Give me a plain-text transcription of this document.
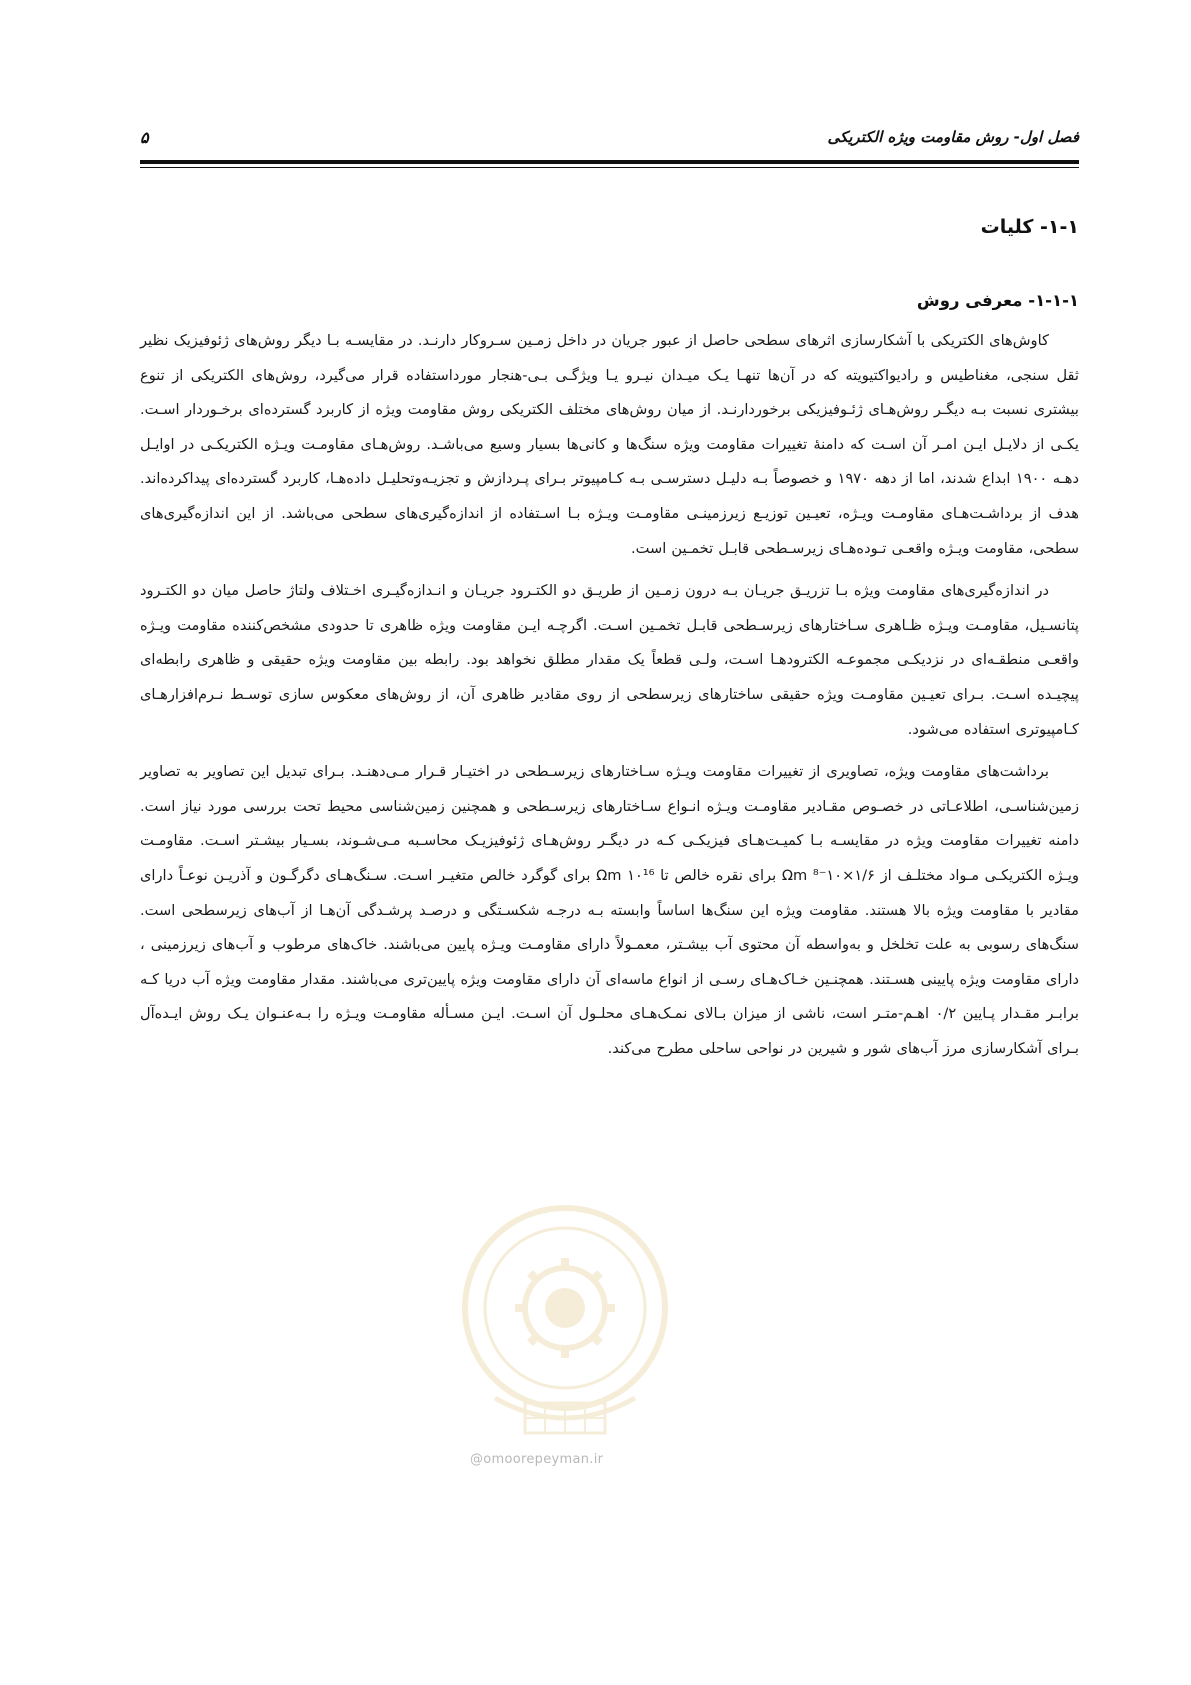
فصل اول- روش مقاومت ویژه الکتریکی
۵
@omoorepeyman.ir
۱-۱- کلیات
۱-۱-۱- معرفی روش

کاوش‌های الکتریکی با آشکارسازی اثرهای سطحی حاصل از عبور جریان در داخل زمـین سـروکار دارنـد. در مقایسـه بـا دیگر روش‌های ژئوفیزیک نظیر ثقل سنجی، مغناطیس و رادیواکتیویته که در آن‌ها تنهـا یـک میـدان نیـرو یـا ویژگـی بـی-هنجار مورداستفاده قرار می‌گیرد، روش‌های الکتریکی از تنوع بیشتری نسبت بـه دیگـر روش‌هـای ژئـوفیزیکی برخوردارنـد. از میان روش‌های مختلف الکتریکی روش مقاومت ویژه از کاربرد گسترده‌ای برخـوردار اسـت. یکـی از دلایـل ایـن امـر آن اسـت که دامنهٔ تغییرات مقاومت ویژه سنگ‌ها و کانی‌ها بسیار وسیع می‌باشـد. روش‌هـای مقاومـت ویـژه الکتریکـی در اوایـل دهـه ۱۹۰۰ ابداع شدند، اما از دهه ۱۹۷۰ و خصوصاً بـه دلیـل دسترسـی بـه کـامپیوتر بـرای پـردازش و تجزیـه‌وتحلیـل داده‌هـا، کاربرد گسترده‌ای پیداکرده‌اند. هدف از برداشـت‌هـای مقاومـت ویـژه، تعیـین توزیـع زیرزمینـی مقاومـت ویـژه بـا اسـتفاده از اندازه‌گیری‌های سطحی می‌باشد. از این اندازه‌گیری‌های سطحی، مقاومت ویـژه واقعـی تـوده‌هـای زیرسـطحی قابـل تخمـین است.

در اندازه‌گیری‌های مقاومت ویژه بـا تزریـق جریـان بـه درون زمـین از طریـق دو الکتـرود جریـان و انـدازه‌گیـری اخـتلاف ولتاژ حاصل میان دو الکتـرود پتانسـیل، مقاومـت ویـژه ظـاهری سـاختارهای زیرسـطحی قابـل تخمـین اسـت. اگرچـه ایـن مقاومت ویژه ظاهری تا حدودی مشخص‌کننده مقاومت ویـژه واقعـی منطقـه‌ای در نزدیکـی مجموعـه الکترودهـا اسـت، ولـی قطعاً یک مقدار مطلق نخواهد بود. رابطه بین مقاومت ویژه حقیقی و ظاهری رابطه‌ای پیچیـده اسـت. بـرای تعیـین مقاومـت ویژه حقیقی ساختارهای زیرسطحی از روی مقادیر ظاهری آن، از روش‌های معکوس سازی توسـط نـرم‌افزارهـای کـامپیوتری استفاده می‌شود.

برداشت‌های مقاومت ویژه، تصاویری از تغییرات مقاومت ویـژه سـاختارهای زیرسـطحی در اختیـار قـرار مـی‌دهنـد. بـرای تبدیل این تصاویر به تصاویر زمین‌شناسـی، اطلاعـاتی در خصـوص مقـادیر مقاومـت ویـژه انـواع سـاختارهای زیرسـطحی و همچنین زمین‌شناسی محیط تحت بررسی مورد نیاز است. دامنه تغییرات مقاومت ویژه در مقایسـه بـا کمیـت‌هـای فیزیکـی کـه در دیگـر روش‌هـای ژئوفیزیـک محاسـبه مـی‌شـوند، بسـیار بیشـتر اسـت. مقاومـت ویـژه الکتریکـی مـواد مختلـف از ۱/۶×۱۰⁻⁸ Ωm برای نقره خالص تا ۱۰¹⁶ Ωm برای گوگرد خالص متغیـر اسـت. سـنگ‌هـای دگرگـون و آذریـن نوعـاً دارای مقادیر با مقاومت ویژه بالا هستند. مقاومت ویژه این سنگ‌ها اساساً وابسته بـه درجـه شکسـتگی و درصـد پرشـدگی آن‌هـا از آب‌های زیرسطحی است. سنگ‌های رسوبی به علت تخلخل و به‌واسطه آن محتوی آب بیشـتر، معمـولاً دارای مقاومـت ویـژه پایین می‌باشند. خاک‌های مرطوب و آب‌های زیرزمینی ، دارای مقاومت ویژه پایینی هسـتند. همچنـین خـاک‌هـای رسـی از انواع ماسه‌ای آن دارای مقاومت ویژه پایین‌تری می‌باشند. مقدار مقاومت ویژه آب دریا کـه برابـر مقـدار پـایین ۰/۲ اهـم-متـر است، ناشی از میزان بـالای نمـک‌هـای محلـول آن اسـت. ایـن مسـأله مقاومـت ویـژه را بـه‌عنـوان یـک روش ایـده‌آل بـرای آشکارسازی مرز آب‌های شور و شیرین در نواحی ساحلی مطرح می‌کند.
